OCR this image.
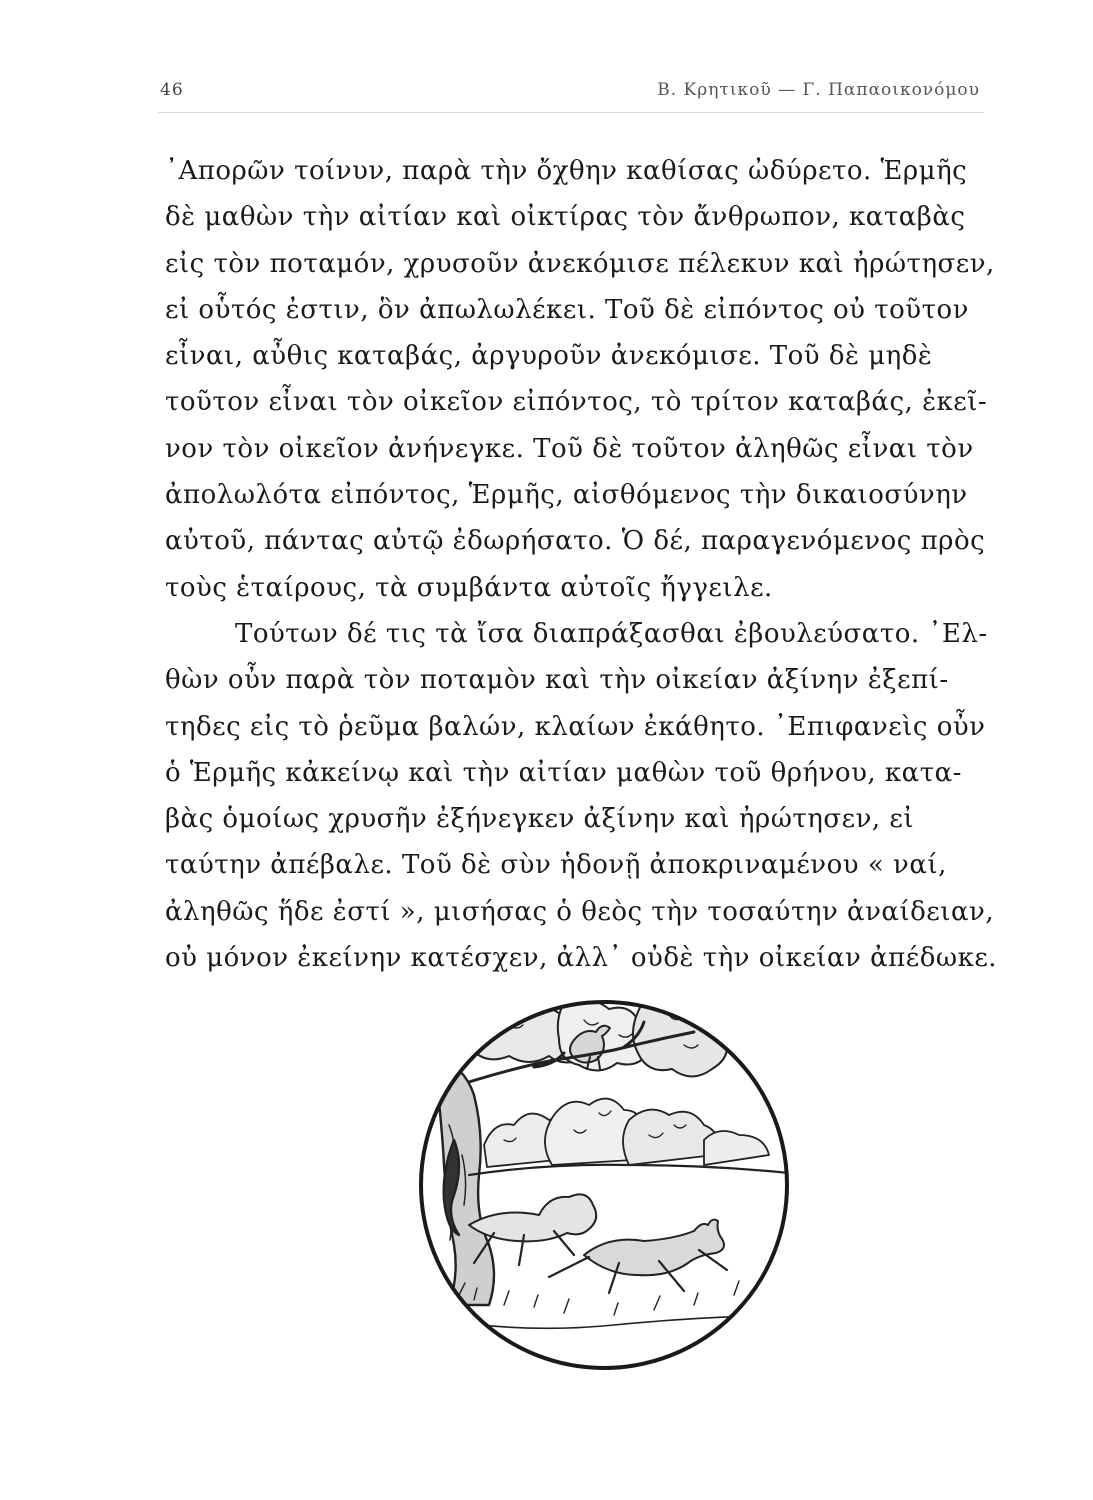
46	Β. Κρητικοῦ — Γ. Παπαοικονόμου

᾿Απορῶν τοίνυν, παρὰ τὴν ὄχθην καθίσας ὠδύρετο. Ἑρμῆς

δὲ μαθὼν τὴν αἰτίαν καὶ οἰκτίρας τὸν ἄνθρωπον, καταβὰς

εἰς τὸν ποταμόν, χρυσοῦν ἀνεκόμισε πέλεκυν καὶ ἠρώτησεν,

εἰ οὗτός ἐστιν, ὃν ἀπωλωλέκει. Τοῦ δὲ εἰπόντος οὐ τοῦτον

εἶναι, αὖθις καταβάς, ἀργυροῦν ἀνεκόμισε. Τοῦ δὲ μηδὲ

τοῦτον εἶναι τὸν οἰκεῖον εἰπόντος, τὸ τρίτον καταβάς, ἐκεῖ-

νον τὸν οἰκεῖον ἀνήνεγκε. Τοῦ δὲ τοῦτον ἀληθῶς εἶναι τὸν

ἀπολωλότα εἰπόντος, Ἑρμῆς, αἰσθόμενος τὴν δικαιοσύνην

αὐτοῦ, πάντας αὐτῷ ἐδωρήσατο. Ὁ δέ, παραγενόμενος πρὸς

τοὺς ἑταίρους, τὰ συμβάντα αὐτοῖς ἤγγειλε.

Τούτων δέ τις τὰ ἴσα διαπράξασθαι ἐβουλεύσατο. ᾿Ελ-

θὼν οὖν παρὰ τὸν ποταμὸν καὶ τὴν οἰκείαν ἀξίνην ἐξεπί-

τηδες εἰς τὸ ῥεῦμα βαλών, κλαίων ἐκάθητο. ᾿Επιφανεὶς οὖν

ὁ Ἑρμῆς κἀκείνῳ καὶ τὴν αἰτίαν μαθὼν τοῦ θρήνου, κατα-

βὰς ὁμοίως χρυσῆν ἐξήνεγκεν ἀξίνην καὶ ἠρώτησεν, εἰ

ταύτην ἀπέβαλε. Τοῦ δὲ σὺν ἡδονῇ ἀποκριναμένου « ναί,

ἀληθῶς ἥδε ἐστί », μισήσας ὁ θεὸς τὴν τοσαύτην ἀναίδειαν,

οὐ μόνον ἐκείνην κατέσχεν, ἀλλ᾿ οὐδὲ τὴν οἰκείαν ἀπέδωκε.
